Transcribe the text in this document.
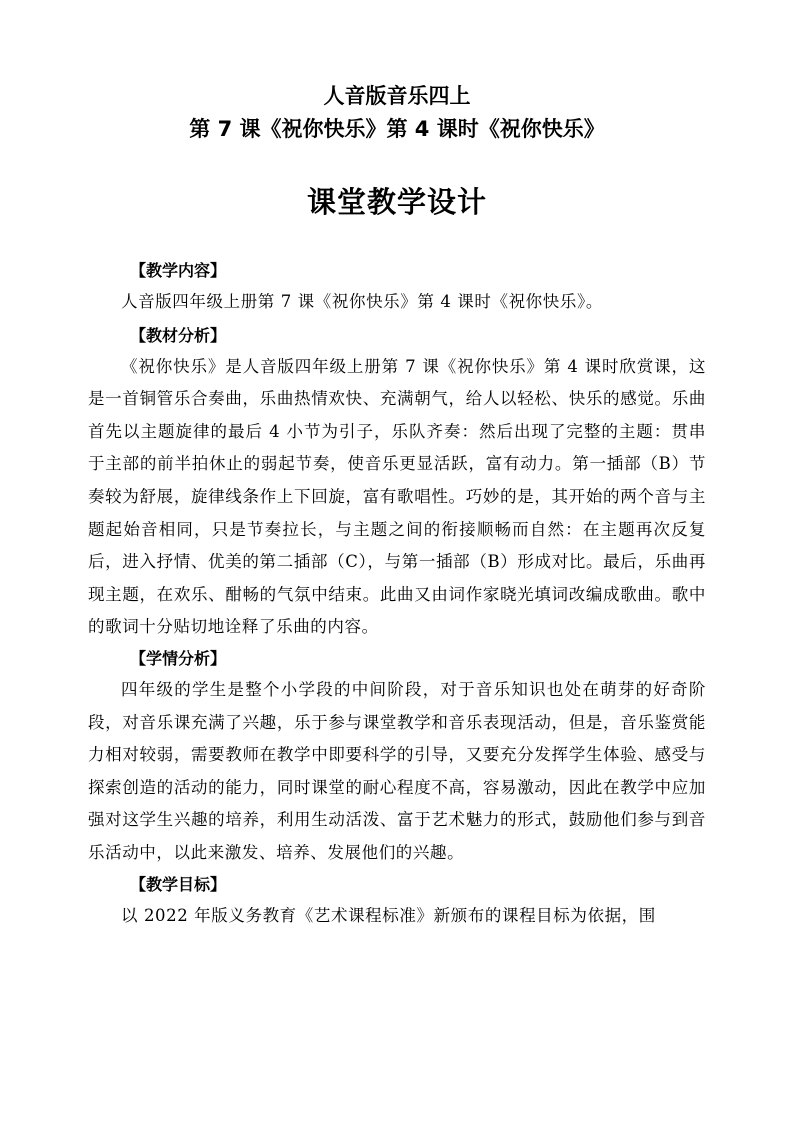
人音版音乐四上
第 7 课《祝你快乐》第 4 课时《祝你快乐》
课堂教学设计

【教学内容】

人音版四年级上册第 7 课《祝你快乐》第 4 课时《祝你快乐》。

【教材分析】

《祝你快乐》是人音版四年级上册第 7 课《祝你快乐》第 4 课时欣赏课，这是一首铜管乐合奏曲，乐曲热情欢快、充满朝气，给人以轻松、快乐的感觉。乐曲首先以主题旋律的最后 4 小节为引子，乐队齐奏：然后出现了完整的主题：贯串于主部的前半拍休止的弱起节奏，使音乐更显活跃，富有动力。第一插部（B）节奏较为舒展，旋律线条作上下回旋，富有歌唱性。巧妙的是，其开始的两个音与主题起始音相同，只是节奏拉长，与主题之间的衔接顺畅而自然：在主题再次反复后，进入抒情、优美的第二插部（C），与第一插部（B）形成对比。最后，乐曲再现主题，在欢乐、酣畅的气氛中结束。此曲又由词作家晓光填词改编成歌曲。歌中的歌词十分贴切地诠释了乐曲的内容。

【学情分析】

四年级的学生是整个小学段的中间阶段，对于音乐知识也处在萌芽的好奇阶段，对音乐课充满了兴趣，乐于参与课堂教学和音乐表现活动，但是，音乐鉴赏能力相对较弱，需要教师在教学中即要科学的引导，又要充分发挥学生体验、感受与探索创造的活动的能力，同时课堂的耐心程度不高，容易激动，因此在教学中应加强对这学生兴趣的培养，利用生动活泼、富于艺术魅力的形式，鼓励他们参与到音乐活动中，以此来激发、培养、发展他们的兴趣。

【教学目标】

以 2022 年版义务教育《艺术课程标准》新颁布的课程目标为依据，围
